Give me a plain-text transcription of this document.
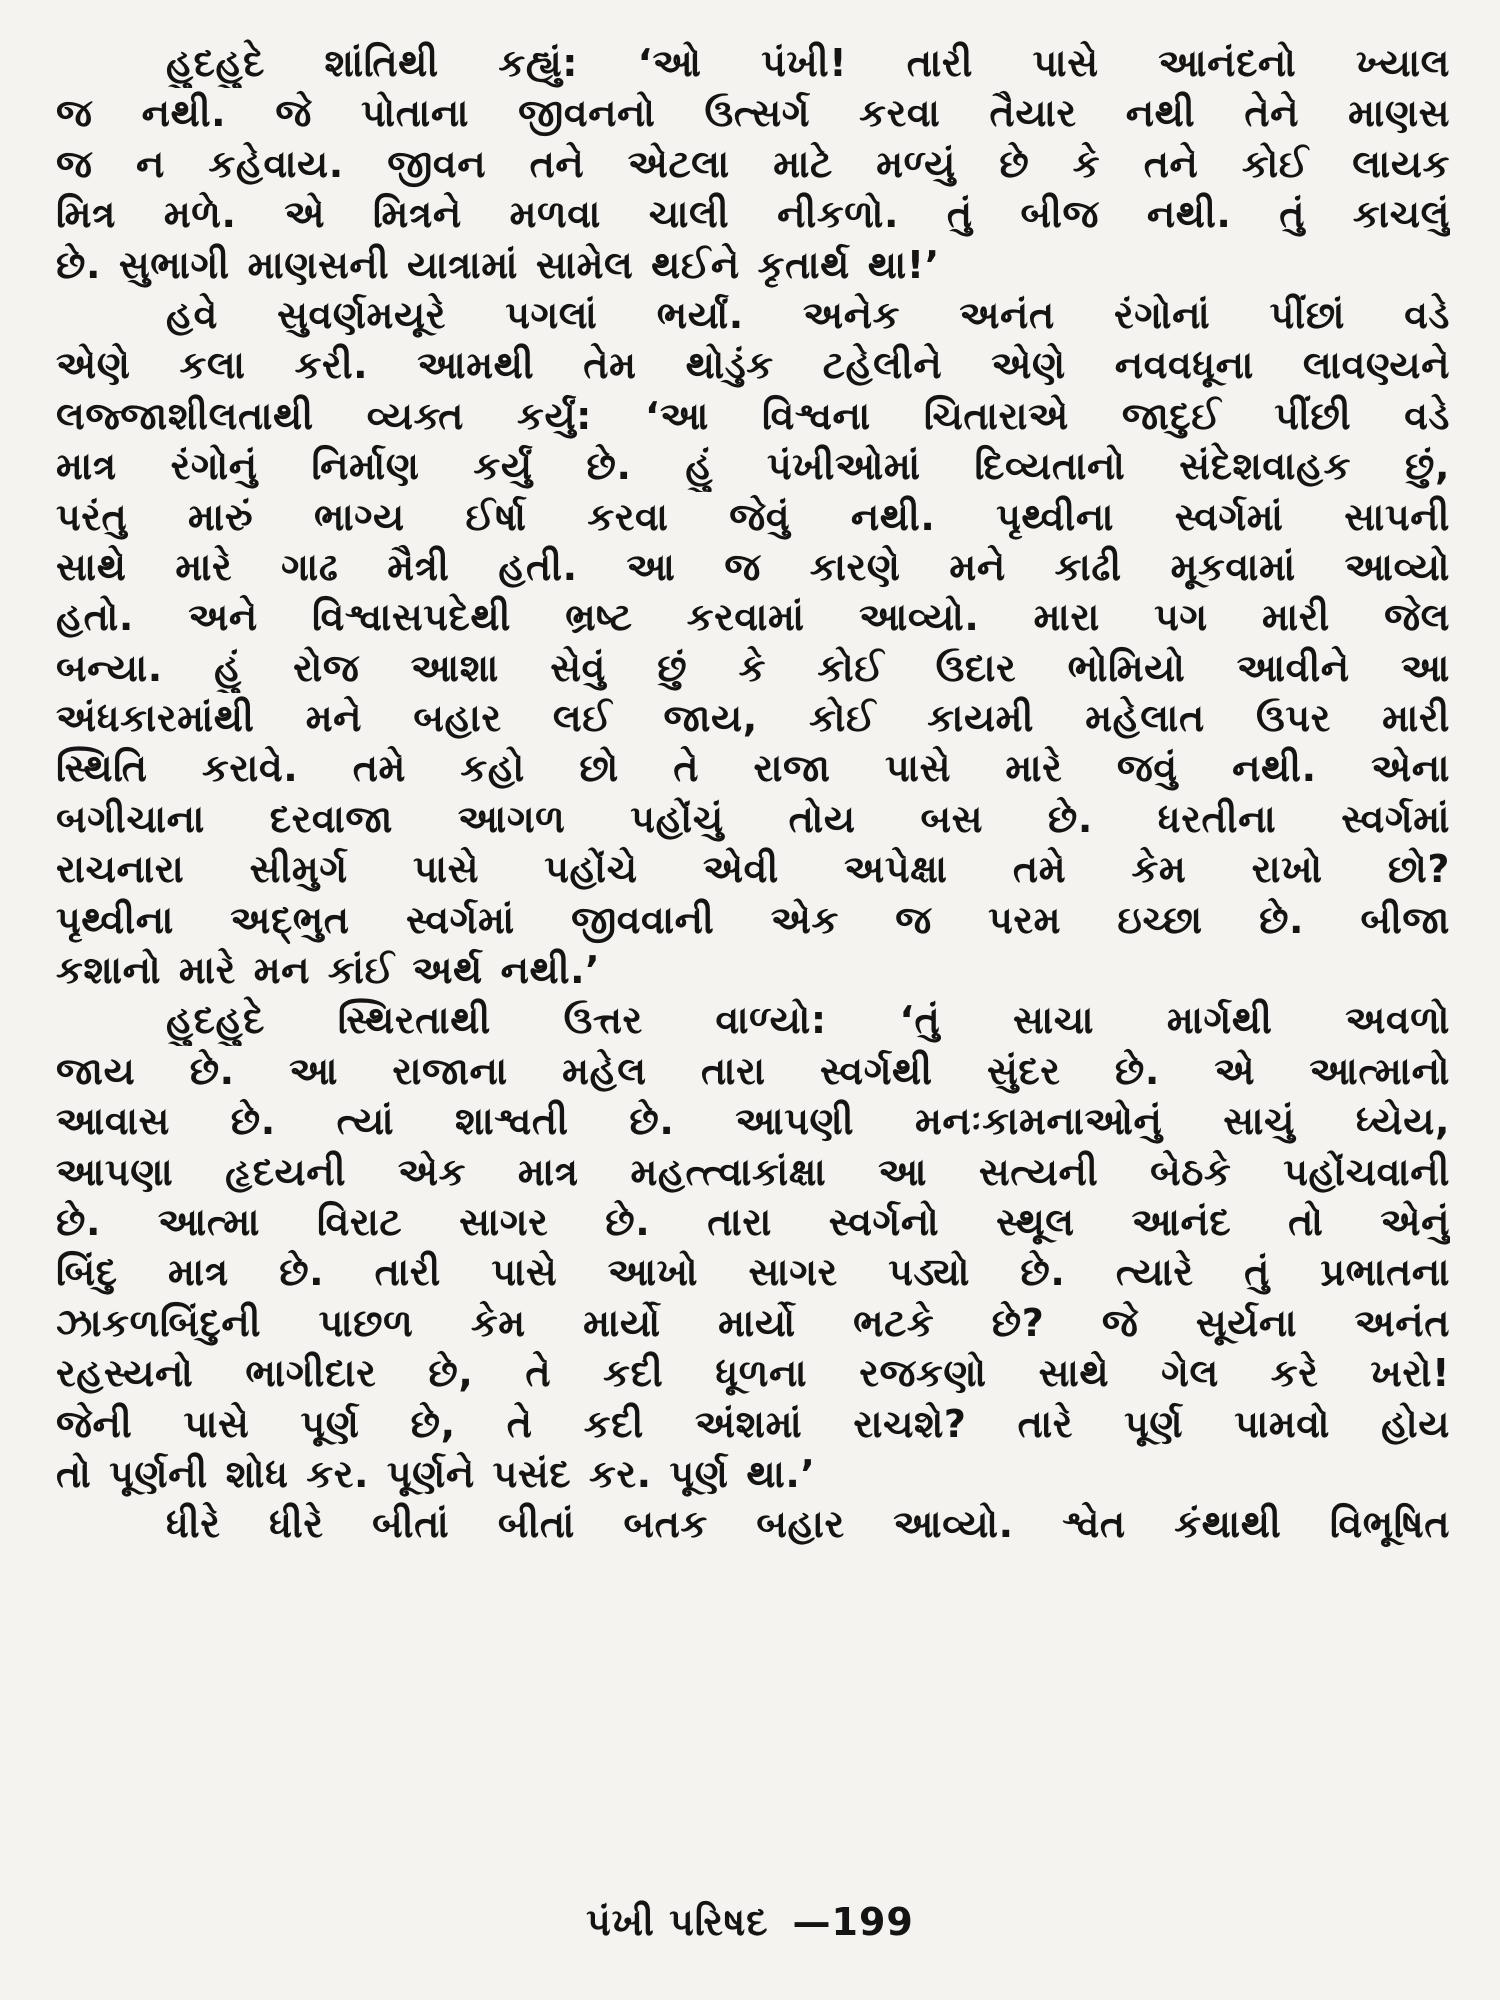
હુદહુદે શાંતિથી કહ્યું: ‘ઓ પંખી! તારી પાસે આનંદનો ખ્યાલ
જ નથી. જે પોતાના જીવનનો ઉત્સર્ગ કરવા તૈયાર નથી તેને માણસ
જ ન કહેવાય. જીવન તને એટલા માટે મળ્યું છે કે તને કોઈ લાયક
મિત્ર મળે. એ મિત્રને મળવા ચાલી નીકળો. તું બીજ નથી. તું કાચલું
છે. સુભાગી માણસની યાત્રામાં સામેલ થઈને કૃતાર્થ થા!’
હવે સુવર્ણમયૂરે પગલાં ભર્યાં. અનેક અનંત રંગોનાં પીંછાં વડે
એણે કલા કરી. આમથી તેમ થોડુંક ટહેલીને એણે નવવધૂના લાવણ્યને
લજ્જાશીલતાથી વ્યક્ત કર્યું: ‘આ વિશ્વના ચિતારાએ જાદુઈ પીંછી વડે
માત્ર રંગોનું નિર્માણ કર્યું છે. હું પંખીઓમાં દિવ્યતાનો સંદેશવાહક છું,
પરંતુ મારું ભાગ્ય ઈર્ષા કરવા જેવું નથી. પૃથ્વીના સ્વર્ગમાં સાપની
સાથે મારે ગાઢ મૈત્રી હતી. આ જ કારણે મને કાઢી મૂકવામાં આવ્યો
હતો. અને વિશ્વાસપદેથી ભ્રષ્ટ કરવામાં આવ્યો. મારા પગ મારી જેલ
બન્યા. હું રોજ આશા સેવું છું કે કોઈ ઉદાર ભોમિયો આવીને આ
અંધકારમાંથી મને બહાર લઈ જાય, કોઈ કાયમી મહેલાત ઉપર મારી
સ્થિતિ કરાવે. તમે કહો છો તે રાજા પાસે મારે જવું નથી. એના
બગીચાના દરવાજા આગળ પહોંચું તોય બસ છે. ધરતીના સ્વર્ગમાં
રાચનારા સીમુર્ગ પાસે પહોંચે એવી અપેક્ષા તમે કેમ રાખો છો?
પૃથ્વીના અદ્‌ભુત સ્વર્ગમાં જીવવાની એક જ પરમ ઇચ્છા છે. બીજા
કશાનો મારે મન કાંઈ અર્થ નથી.’
હુદહુદે સ્થિરતાથી ઉત્તર વાળ્યો: ‘તું સાચા માર્ગથી અવળો
જાય છે. આ રાજાના મહેલ તારા સ્વર્ગથી સુંદર છે. એ આત્માનો
આવાસ છે. ત્યાં શાશ્વતી છે. આપણી મનઃકામનાઓનું સાચું ધ્યેય,
આપણા હૃદયની એક માત્ર મહત્ત્વાકાંક્ષા આ સત્યની બેઠકે પહોંચવાની
છે. આત્મા વિરાટ સાગર છે. તારા સ્વર્ગનો સ્થૂલ આનંદ તો એનું
બિંદુ માત્ર છે. તારી પાસે આખો સાગર પડ્યો છે. ત્યારે તું પ્રભાતના
ઝાકળબિંદુની પાછળ કેમ માર્યો માર્યો ભટકે છે? જે સૂર્યના અનંત
રહસ્યનો ભાગીદાર છે, તે કદી ધૂળના રજકણો સાથે ગેલ કરે ખરો!
જેની પાસે પૂર્ણ છે, તે કદી અંશમાં રાચશે? તારે પૂર્ણ પામવો હોય
તો પૂર્ણની શોધ કર. પૂર્ણને પસંદ કર. પૂર્ણ થા.’
ધીરે ધીરે બીતાં બીતાં બતક બહાર આવ્યો. શ્વેત કંથાથી વિભૂષિત
પંખી પરિષદ —199
